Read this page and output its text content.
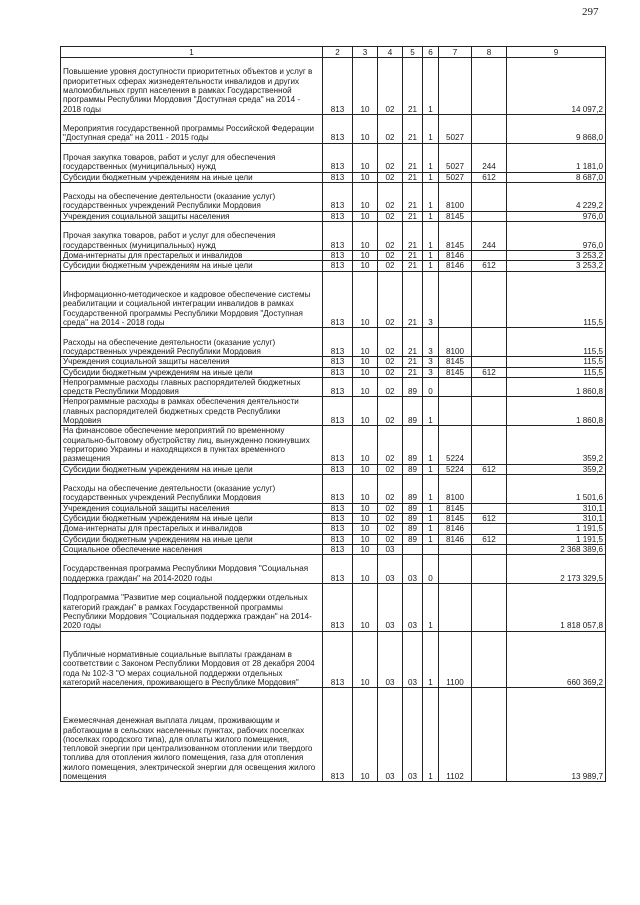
297
1	2	3	4	5	6	7	8	9
Повышение уровня доступности приоритетных объектов и услуг в приоритетных сферах жизнедеятельности инвалидов и других маломобильных групп населения в рамках Государственной программы Республики Мордовия "Доступная среда" на 2014 - 2018 годы	813	10	02	21	1			14 097,2
Мероприятия государственной программы Российской Федерации "Доступная среда" на 2011 - 2015 годы	813	10	02	21	1	5027		9 868,0
Прочая закупка товаров, работ и услуг для обеспечения государственных (муниципальных) нужд	813	10	02	21	1	5027	244	1 181,0
Субсидии бюджетным учреждениям на иные цели	813	10	02	21	1	5027	612	8 687,0
Расходы на обеспечение деятельности (оказание услуг) государственных учреждений Республики Мордовия	813	10	02	21	1	8100		4 229,2
Учреждения социальной защиты населения	813	10	02	21	1	8145		976,0
Прочая закупка товаров, работ и услуг для обеспечения государственных (муниципальных) нужд	813	10	02	21	1	8145	244	976,0
Дома-интернаты для престарелых и инвалидов	813	10	02	21	1	8146		3 253,2
Субсидии бюджетным учреждениям на иные цели	813	10	02	21	1	8146	612	3 253,2
Информационно-методическое и кадровое обеспечение системы реабилитации и социальной интеграции инвалидов в рамках Государственной программы Республики Мордовия "Доступная среда" на 2014 - 2018 годы	813	10	02	21	3			115,5
Расходы на обеспечение деятельности (оказание услуг) государственных учреждений Республики Мордовия	813	10	02	21	3	8100		115,5
Учреждения социальной защиты населения	813	10	02	21	3	8145		115,5
Субсидии бюджетным учреждениям на иные цели	813	10	02	21	3	8145	612	115,5
Непрограммные расходы главных распорядителей бюджетных средств Республики Мордовия	813	10	02	89	0			1 860,8
Непрограммные расходы в рамках обеспечения деятельности главных распорядителей бюджетных средств Республики Мордовия	813	10	02	89	1			1 860,8
На финансовое обеспечение мероприятий по временному социально-бытовому обустройству лиц, вынужденно покинувших территорию Украины и находящихся в пунктах временного размещения	813	10	02	89	1	5224		359,2
Субсидии бюджетным учреждениям на иные цели	813	10	02	89	1	5224	612	359,2
Расходы на обеспечение деятельности (оказание услуг) государственных учреждений Республики Мордовия	813	10	02	89	1	8100		1 501,6
Учреждения социальной защиты населения	813	10	02	89	1	8145		310,1
Субсидии бюджетным учреждениям на иные цели	813	10	02	89	1	8145	612	310,1
Дома-интернаты для престарелых и инвалидов	813	10	02	89	1	8146		1 191,5
Субсидии бюджетным учреждениям на иные цели	813	10	02	89	1	8146	612	1 191,5
Социальное обеспечение населения	813	10	03					2 368 389,6
Государственная программа Республики Мордовия "Социальная поддержка граждан" на 2014-2020 годы	813	10	03	03	0			2 173 329,5
Подпрограмма "Развитие мер социальной поддержки отдельных категорий граждан" в рамках Государственной программы Республики Мордовия "Социальная поддержка граждан" на 2014-2020 годы	813	10	03	03	1			1 818 057,8
Публичные нормативные социальные выплаты гражданам в соответствии с Законом Республики Мордовия от 28 декабря 2004 года № 102-З "О мерах социальной поддержки отдельных категорий населения, проживающего в Республике Мордовия"	813	10	03	03	1	1100		660 369,2
Ежемесячная денежная выплата лицам, проживающим и работающим в сельских населенных пунктах, рабочих поселках (поселках городского типа), для оплаты жилого помещения, тепловой энергии при централизованном отоплении или твердого топлива для отопления жилого помещения, газа для отопления жилого помещения, электрической энергии для освещения жилого помещения	813	10	03	03	1	1102		13 989,7
